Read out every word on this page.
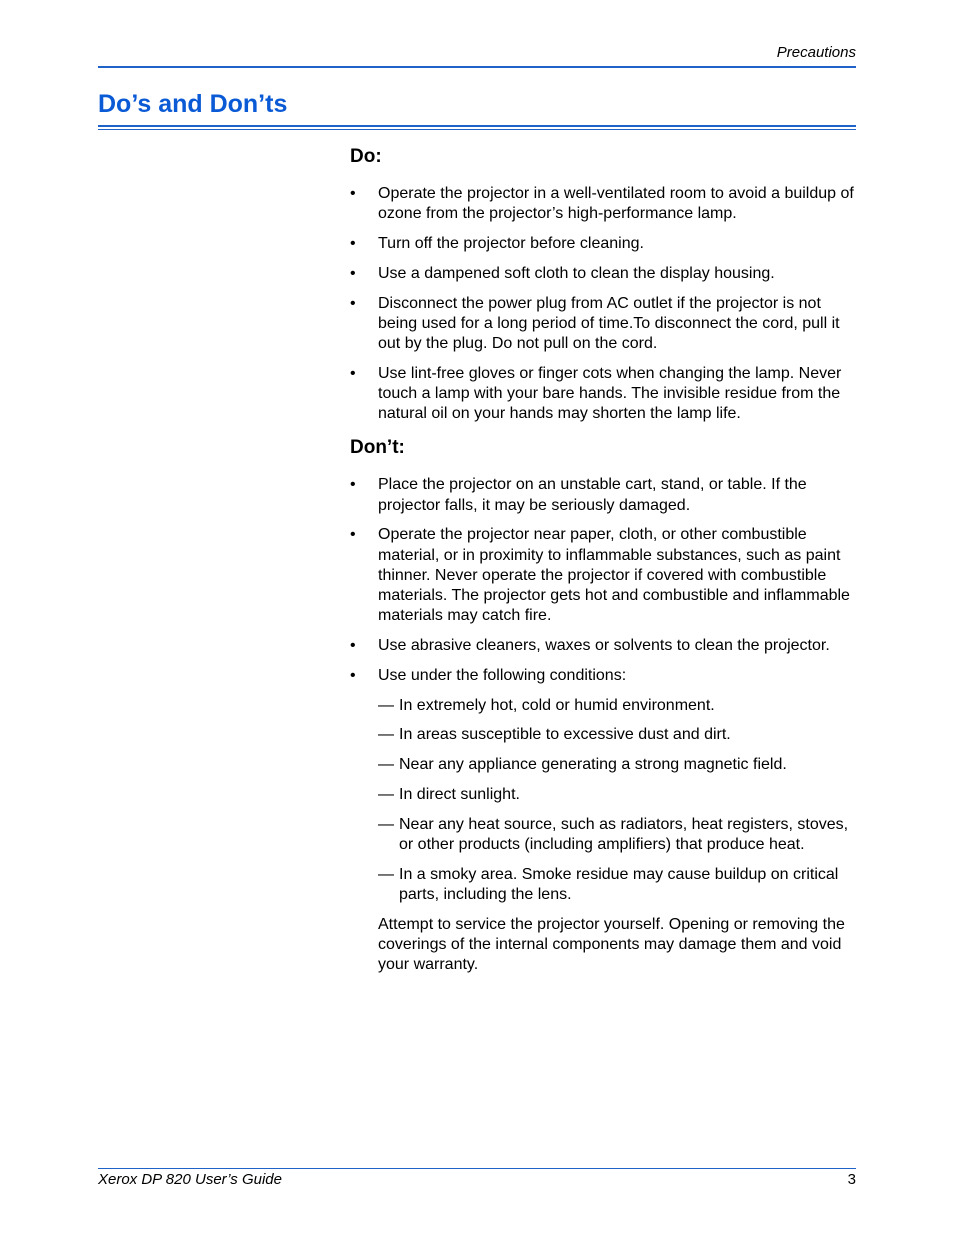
Precautions
Do’s and Don’ts
Do:
• Operate the projector in a well-ventilated room to avoid a buildup of ozone from the projector’s high-performance lamp.
• Turn off the projector before cleaning.
• Use a dampened soft cloth to clean the display housing.
• Disconnect the power plug from AC outlet if the projector is not being used for a long period of time.To disconnect the cord, pull it out by the plug. Do not pull on the cord.
• Use lint-free gloves or finger cots when changing the lamp. Never touch a lamp with your bare hands. The invisible residue from the natural oil on your hands may shorten the lamp life.
Don’t:
• Place the projector on an unstable cart, stand, or table. If the projector falls, it may be seriously damaged.
• Operate the projector near paper, cloth, or other combustible material, or in proximity to inflammable substances, such as paint thinner. Never operate the projector if covered with combustible materials. The projector gets hot and combustible and inflammable materials may catch fire.
• Use abrasive cleaners, waxes or solvents to clean the projector.
• Use under the following conditions:
— In extremely hot, cold or humid environment.
— In areas susceptible to excessive dust and dirt.
— Near any appliance generating a strong magnetic field.
— In direct sunlight.
— Near any heat source, such as radiators, heat registers, stoves, or other products (including amplifiers) that produce heat.
— In a smoky area. Smoke residue may cause buildup on critical parts, including the lens.

Attempt to service the projector yourself. Opening or removing the coverings of the internal components may damage them and void your warranty.

Xerox DP 820 User’s Guide	3
